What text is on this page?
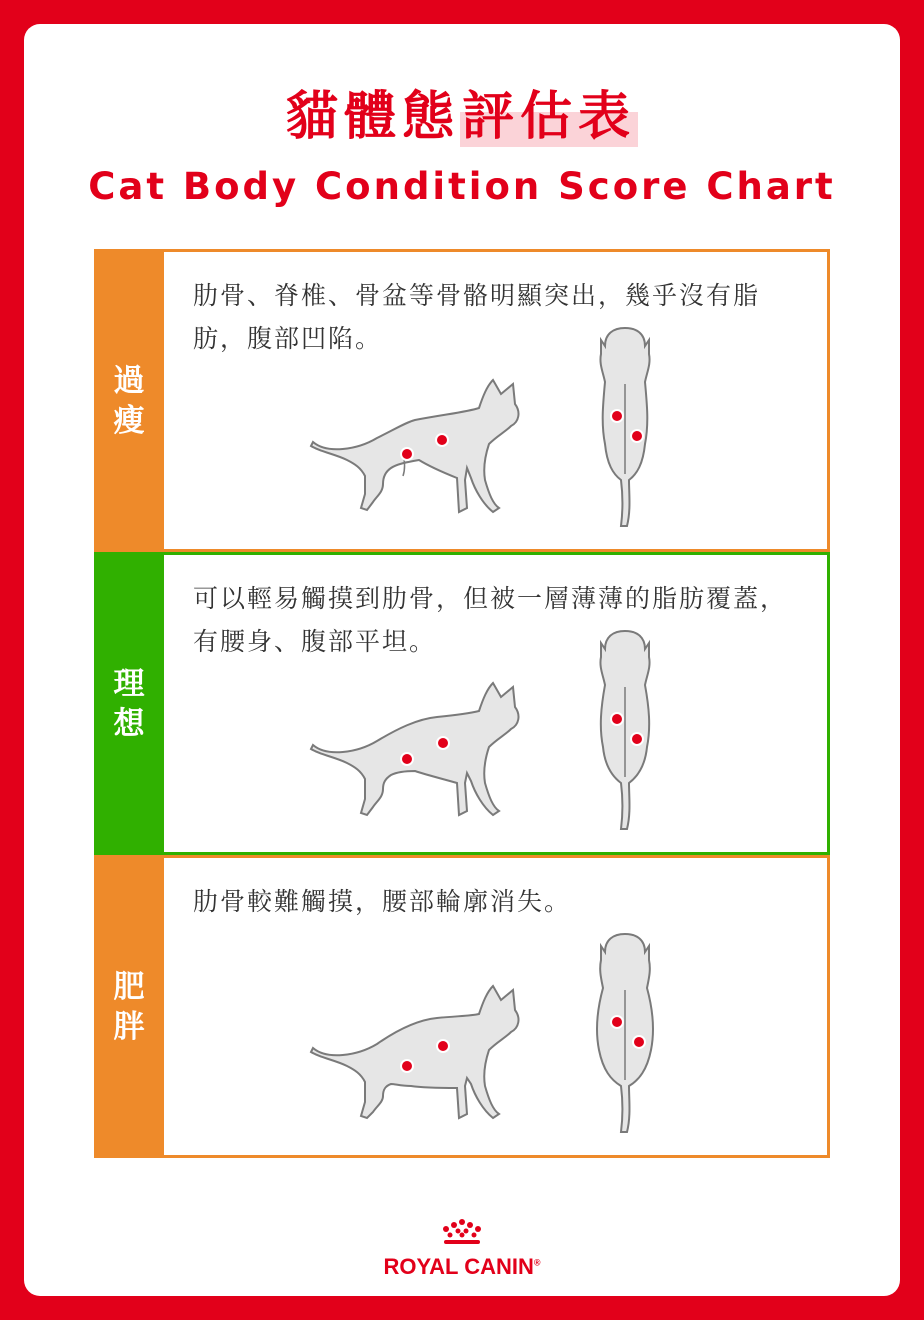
貓體態評估表
Cat Body Condition Score Chart
過
瘦
肋骨、脊椎、骨盆等骨骼明顯突出，幾乎沒有脂肪，腹部凹陷。
理
想
可以輕易觸摸到肋骨，但被一層薄薄的脂肪覆蓋，有腰身、腹部平坦。
肥
胖
肋骨較難觸摸，腰部輪廓消失。
ROYAL CANIN®
